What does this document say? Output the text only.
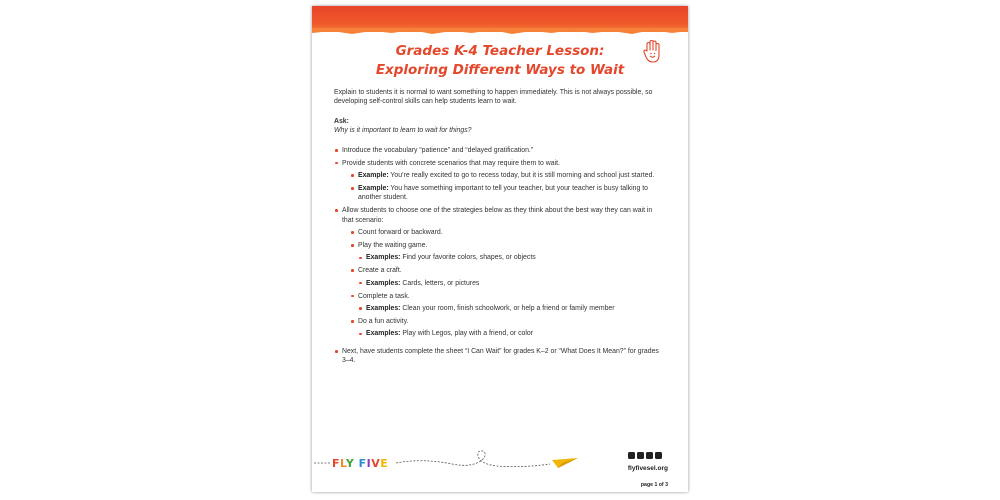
Grades K-4 Teacher Lesson:
Exploring Different Ways to Wait

Explain to students it is normal to want something to happen immediately. This is not always possible, so developing self-control skills can help students learn to wait.

Ask:

Why is it important to learn to wait for things?

Introduce the vocabulary “patience” and “delayed gratification.”
Provide students with concrete scenarios that may require them to wait.
Example: You’re really excited to go to recess today, but it is still morning and school just started.
Example: You have something important to tell your teacher, but your teacher is busy talking to another student.
Allow students to choose one of the strategies below as they think about the best way they can wait in that scenario:
Count forward or backward.
Play the waiting game.
Examples: Find your favorite colors, shapes, or objects
Create a craft.
Examples: Cards, letters, or pictures
Complete a task.
Examples: Clean your room, finish schoolwork, or help a friend or family member
Do a fun activity.
Examples: Play with Legos, play with a friend, or color
Next, have students complete the sheet “I Can Wait” for grades K–2 or “What Does It Mean?” for grades 3–4.
FLY FIVE	flyfivesel.org
page 1 of 3
